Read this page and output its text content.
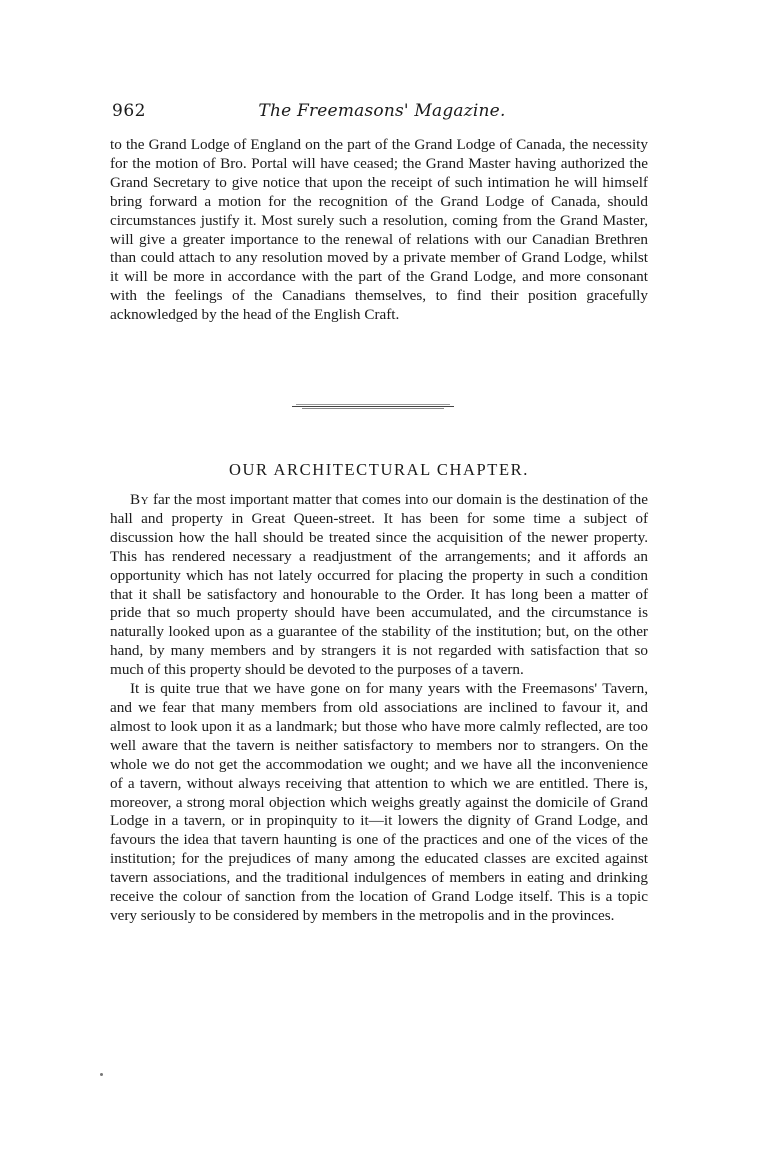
962	The Freemasons' Magazine.

to the Grand Lodge of England on the part of the Grand Lodge of Canada, the necessity for the motion of Bro. Portal will have ceased; the Grand Master having authorized the Grand Secretary to give notice that upon the receipt of such intimation he will himself bring forward a motion for the recognition of the Grand Lodge of Canada, should circumstances justify it. Most surely such a resolution, coming from the Grand Master, will give a greater importance to the renewal of relations with our Canadian Brethren than could attach to any resolution moved by a private member of Grand Lodge, whilst it will be more in accordance with the part of the Grand Lodge, and more consonant with the feelings of the Canadians themselves, to find their position gracefully acknowledged by the head of the English Craft.

OUR ARCHITECTURAL CHAPTER.

By far the most important matter that comes into our domain is the destination of the hall and property in Great Queen-street. It has been for some time a subject of discussion how the hall should be treated since the acquisition of the newer property. This has rendered necessary a readjustment of the arrangements; and it affords an opportunity which has not lately occurred for placing the property in such a condition that it shall be satisfactory and honourable to the Order. It has long been a matter of pride that so much property should have been accumulated, and the circumstance is naturally looked upon as a guarantee of the stability of the institution; but, on the other hand, by many members and by strangers it is not regarded with satisfaction that so much of this property should be devoted to the purposes of a tavern.

It is quite true that we have gone on for many years with the Freemasons' Tavern, and we fear that many members from old associations are inclined to favour it, and almost to look upon it as a landmark; but those who have more calmly reflected, are too well aware that the tavern is neither satisfactory to members nor to strangers. On the whole we do not get the accommodation we ought; and we have all the inconvenience of a tavern, without always receiving that attention to which we are entitled. There is, moreover, a strong moral objection which weighs greatly against the domicile of Grand Lodge in a tavern, or in propinquity to it—it lowers the dignity of Grand Lodge, and favours the idea that tavern haunting is one of the practices and one of the vices of the institution; for the prejudices of many among the educated classes are excited against tavern associations, and the traditional indulgences of members in eating and drinking receive the colour of sanction from the location of Grand Lodge itself. This is a topic very seriously to be considered by members in the metropolis and in the provinces.
